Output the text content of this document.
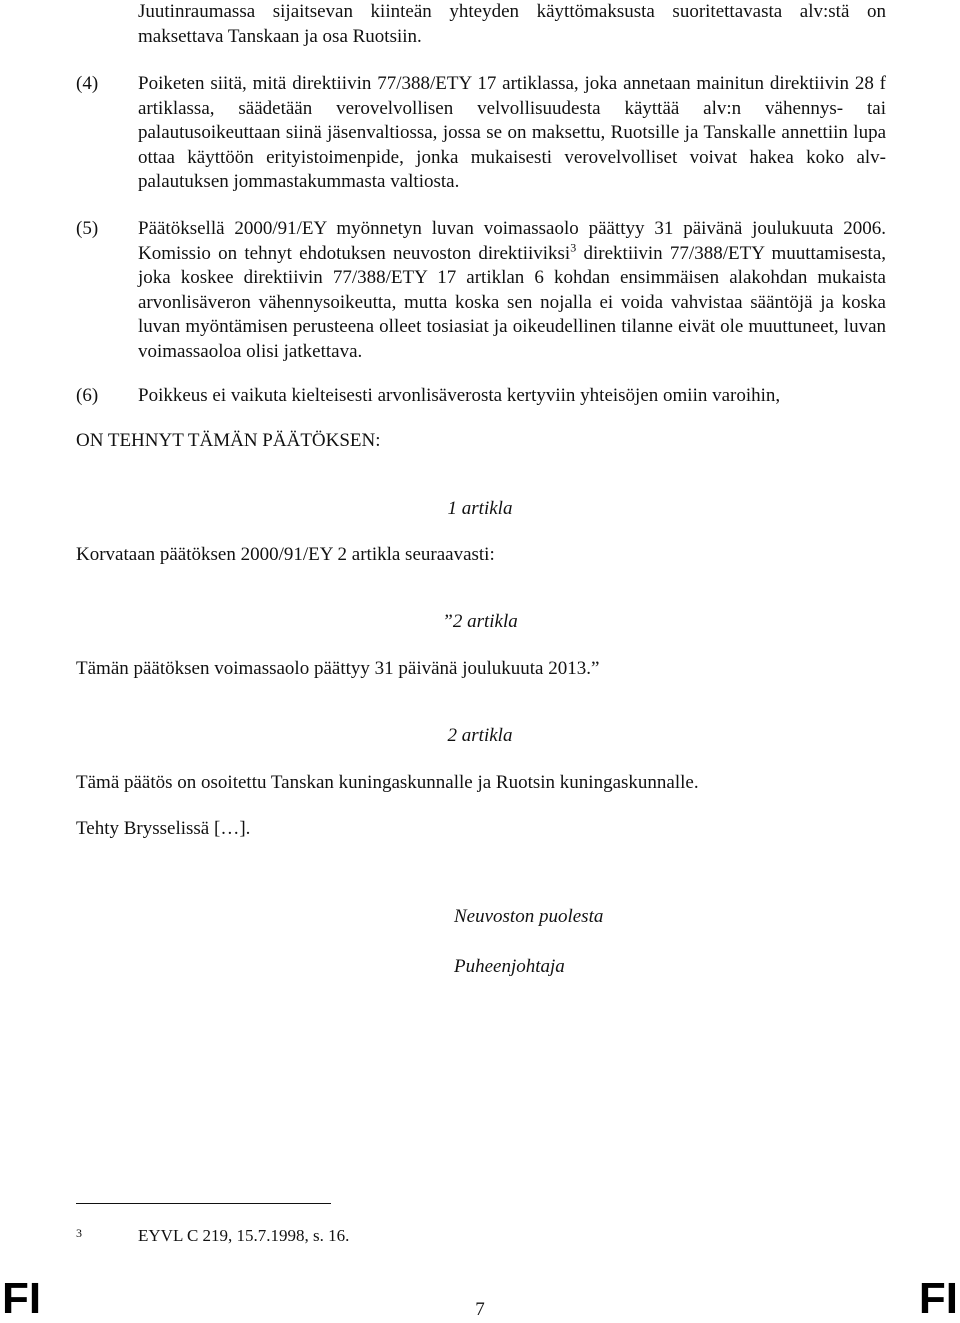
Juutinraumassa sijaitsevan kiinteän yhteyden käyttömaksusta suoritettavasta alv:stä on maksettava Tanskaan ja osa Ruotsiin.
(4) Poiketen siitä, mitä direktiivin 77/388/ETY 17 artiklassa, joka annetaan mainitun direktiivin 28 f artiklassa, säädetään verovelvollisen velvollisuudesta käyttää alv:n vähennys- tai palautusoikeuttaan siinä jäsenvaltiossa, jossa se on maksettu, Ruotsille ja Tanskalle annettiin lupa ottaa käyttöön erityistoimenpide, jonka mukaisesti verovelvolliset voivat hakea koko alv-palautuksen jommastakummasta valtiosta.
(5) Päätöksellä 2000/91/EY myönnetyn luvan voimassaolo päättyy 31 päivänä joulukuuta 2006. Komissio on tehnyt ehdotuksen neuvoston direktiiviksi$^3$ direktiivin 77/388/ETY muuttamisesta, joka koskee direktiivin 77/388/ETY 17 artiklan 6 kohdan ensimmäisen alakohdan mukaista arvonlisäveron vähennysoikeutta, mutta koska sen nojalla ei voida vahvistaa sääntöjä ja koska luvan myöntämisen perusteena olleet tosiasiat ja oikeudellinen tilanne eivät ole muuttuneet, luvan voimassaoloa olisi jatkettava.
(6) Poikkeus ei vaikuta kielteisesti arvonlisäverosta kertyviin yhteisöjen omiin varoihin,
ON TEHNYT TÄMÄN PÄÄTÖKSEN:
1 artikla
Korvataan päätöksen 2000/91/EY 2 artikla seuraavasti:
”2 artikla
Tämän päätöksen voimassaolo päättyy 31 päivänä joulukuuta 2013.”
2 artikla
Tämä päätös on osoitettu Tanskan kuningaskunnalle ja Ruotsin kuningaskunnalle.
Tehty Brysselissä […].
Neuvoston puolesta
Puheenjohtaja
3	EYVL C 219, 15.7.1998, s. 16.
FI	7	FI
